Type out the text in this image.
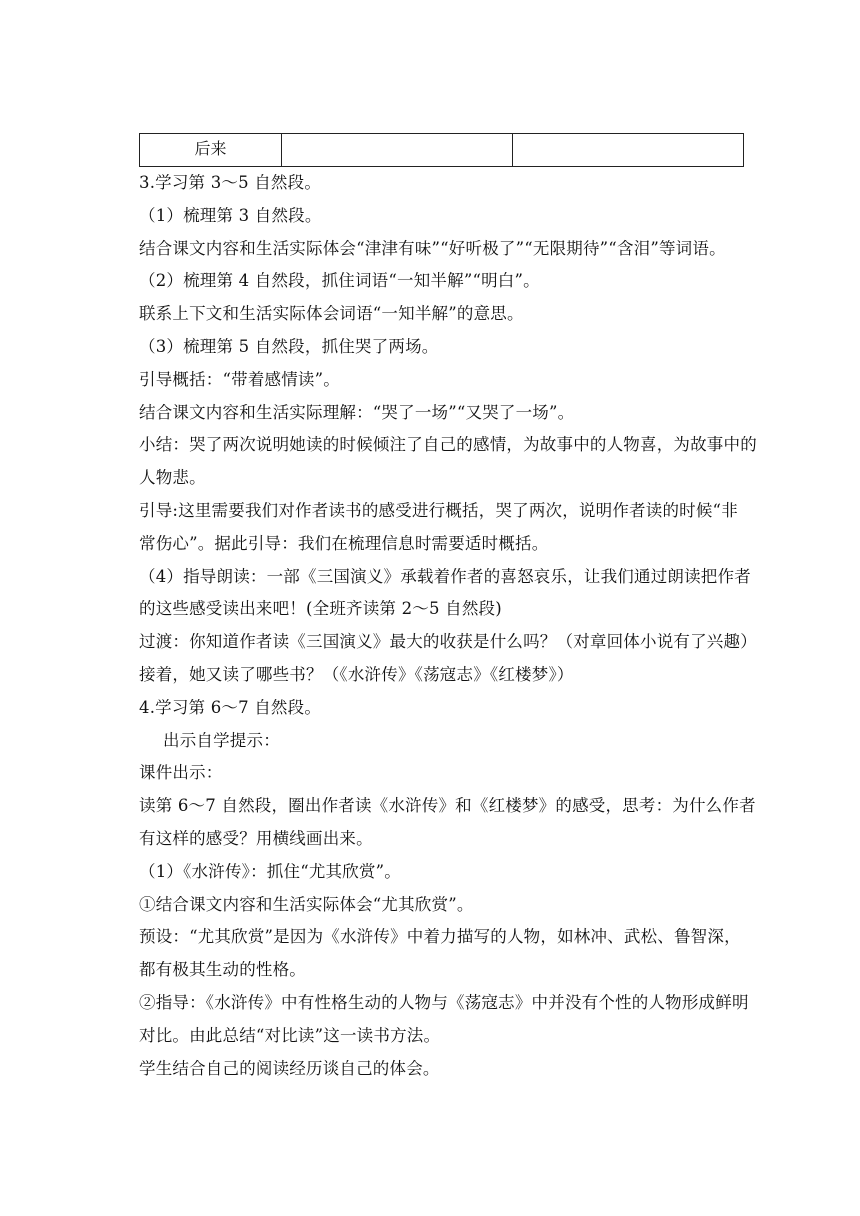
后来		
3.学习第 3～5 自然段。
（1）梳理第 3 自然段。
结合课文内容和生活实际体会“津津有味”“好听极了”“无限期待”“含泪”等词语。
（2）梳理第 4 自然段，抓住词语“一知半解”“明白”。
联系上下文和生活实际体会词语“一知半解”的意思。
（3）梳理第 5 自然段，抓住哭了两场。
引导概括：“带着感情读”。
结合课文内容和生活实际理解：“哭了一场”“又哭了一场”。
小结：哭了两次说明她读的时候倾注了自己的感情，为故事中的人物喜，为故事中的
人物悲。
引导:这里需要我们对作者读书的感受进行概括，哭了两次，说明作者读的时候“非
常伤心”。据此引导：我们在梳理信息时需要适时概括。
（4）指导朗读：一部《三国演义》承载着作者的喜怒哀乐，让我们通过朗读把作者
的这些感受读出来吧！(全班齐读第 2～5 自然段)
过渡：你知道作者读《三国演义》最大的收获是什么吗？（对章回体小说有了兴趣）
接着，她又读了哪些书？（《水浒传》《荡寇志》《红楼梦》）
4.学习第 6～7 自然段。
出示自学提示：
课件出示：
读第 6～7 自然段，圈出作者读《水浒传》和《红楼梦》的感受，思考：为什么作者
有这样的感受？用横线画出来。
（1）《水浒传》：抓住“尤其欣赏”。
①结合课文内容和生活实际体会“尤其欣赏”。
预设：“尤其欣赏”是因为《水浒传》中着力描写的人物，如林冲、武松、鲁智深，
都有极其生动的性格。
②指导：《水浒传》中有性格生动的人物与《荡寇志》中并没有个性的人物形成鲜明
对比。由此总结“对比读”这一读书方法。
学生结合自己的阅读经历谈自己的体会。
